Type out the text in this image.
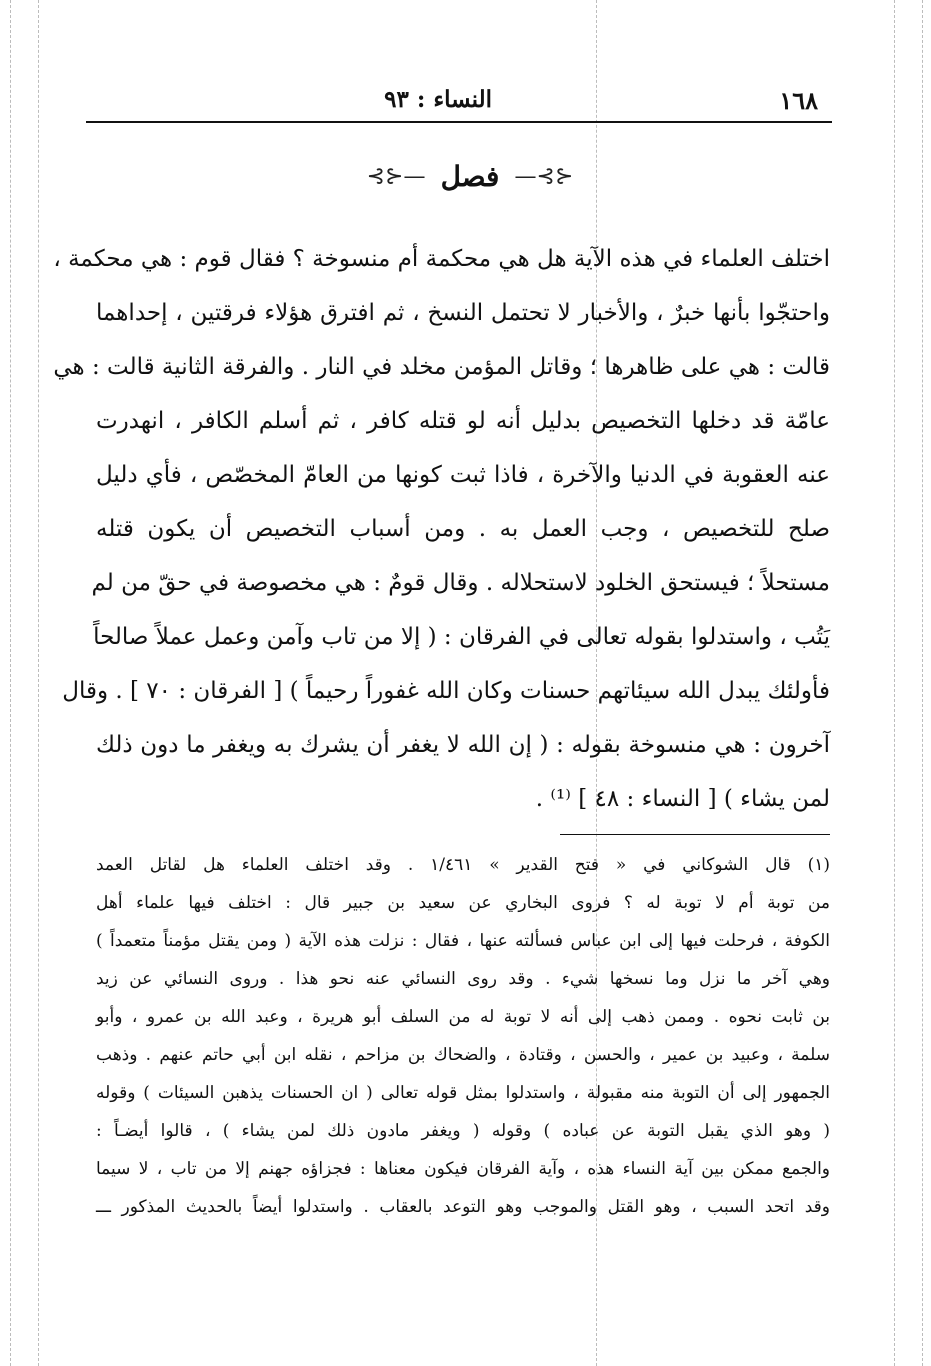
١٦٨
النساء : ٩٣
⊰⊱— فصل —⊰⊱
اختلف العلماء في هذه الآية هل هي محكمة أم منسوخة ؟ فقال قوم : هي محكمة ،
واحتجّوا بأنها خبرٌ ، والأخبار لا تحتمل النسخ ، ثم افترق هؤلاء فرقتين ، إحداهما
قالت : هي على ظاهرها ؛ وقاتل المؤمن مخلد في النار . والفرقة الثانية قالت : هي
عامّة قد دخلها التخصيص بدليل أنه لو قتله كافر ، ثم أسلم الكافر ، انهدرت
عنه العقوبة في الدنيا والآخرة ، فاذا ثبت كونها من العامّ المخصّص ، فأي دليل
صلح للتخصيص ، وجب العمل به . ومن أسباب التخصيص أن يكون قتله
مستحلاً ؛ فيستحق الخلود لاستحلاله . وقال قومٌ : هي مخصوصة في حقّ من لم
يَتُب ، واستدلوا بقوله تعالى في الفرقان : ( إلا من تاب وآمن وعمل عملاً صالحاً
فأولئك يبدل الله سيئاتهم حسنات وكان الله غفوراً رحيماً ) [ الفرقان : ٧٠ ] . وقال
آخرون : هي منسوخة بقوله : ( إن الله لا يغفر أن يشرك به ويغفر ما دون ذلك
لمن يشاء ) [ النساء : ٤٨ ] ⁽¹⁾ .
(١) قال الشوكاني في « فتح القدير » ١/٤٦١ . وقد اختلف العلماء هل لقاتل العمد
من توبة أم لا توبة له ؟ فروى البخاري عن سعيد بن جبير قال : اختلف فيها علماء أهل
الكوفة ، فرحلت فيها إلى ابن عباس فسألته عنها ، فقال : نزلت هذه الآية ( ومن يقتل مؤمناً متعمداً )
وهي آخر ما نزل وما نسخها شيء . وقد روى النسائي عنه نحو هذا . وروى النسائي عن زيد
بن ثابت نحوه . وممن ذهب إلى أنه لا توبة له من السلف أبو هريرة ، وعبد الله بن عمرو ، وأبو
سلمة ، وعبيد بن عمير ، والحسن ، وقتادة ، والضحاك بن مزاحم ، نقله ابن أبي حاتم عنهم . وذهب
الجمهور إلى أن التوبة منه مقبولة ، واستدلوا بمثل قوله تعالى ( ان الحسنات يذهبن السيئات ) وقوله
( وهو الذي يقبل التوبة عن عباده ) وقوله ( ويغفر مادون ذلك لمن يشاء ) ، قالوا أيضـاً :
والجمع ممكن بين آية النساء هذه ، وآية الفرقان فيكون معناها : فجزاؤه جهنم إلا من تاب ، لا سيما
وقد اتحد السبب ، وهو القتل والموجب وهو التوعد بالعقاب . واستدلوا أيضاً بالحديث المذكور ـــ
